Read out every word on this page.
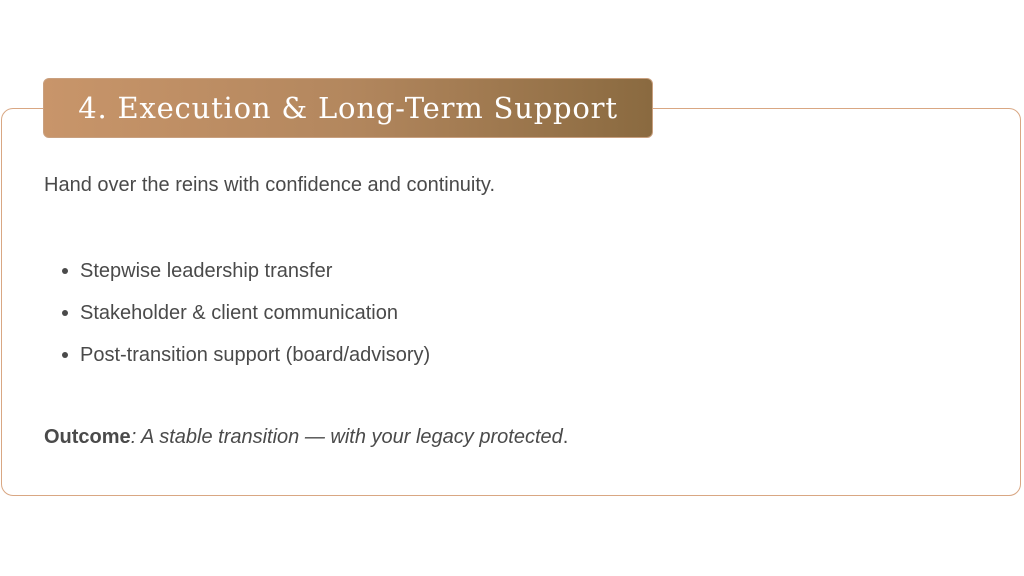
4. Execution & Long-Term Support
Hand over the reins with confidence and continuity.
Stepwise leadership transfer
Stakeholder & client communication
Post-transition support (board/advisory)
Outcome: A stable transition — with your legacy protected.
